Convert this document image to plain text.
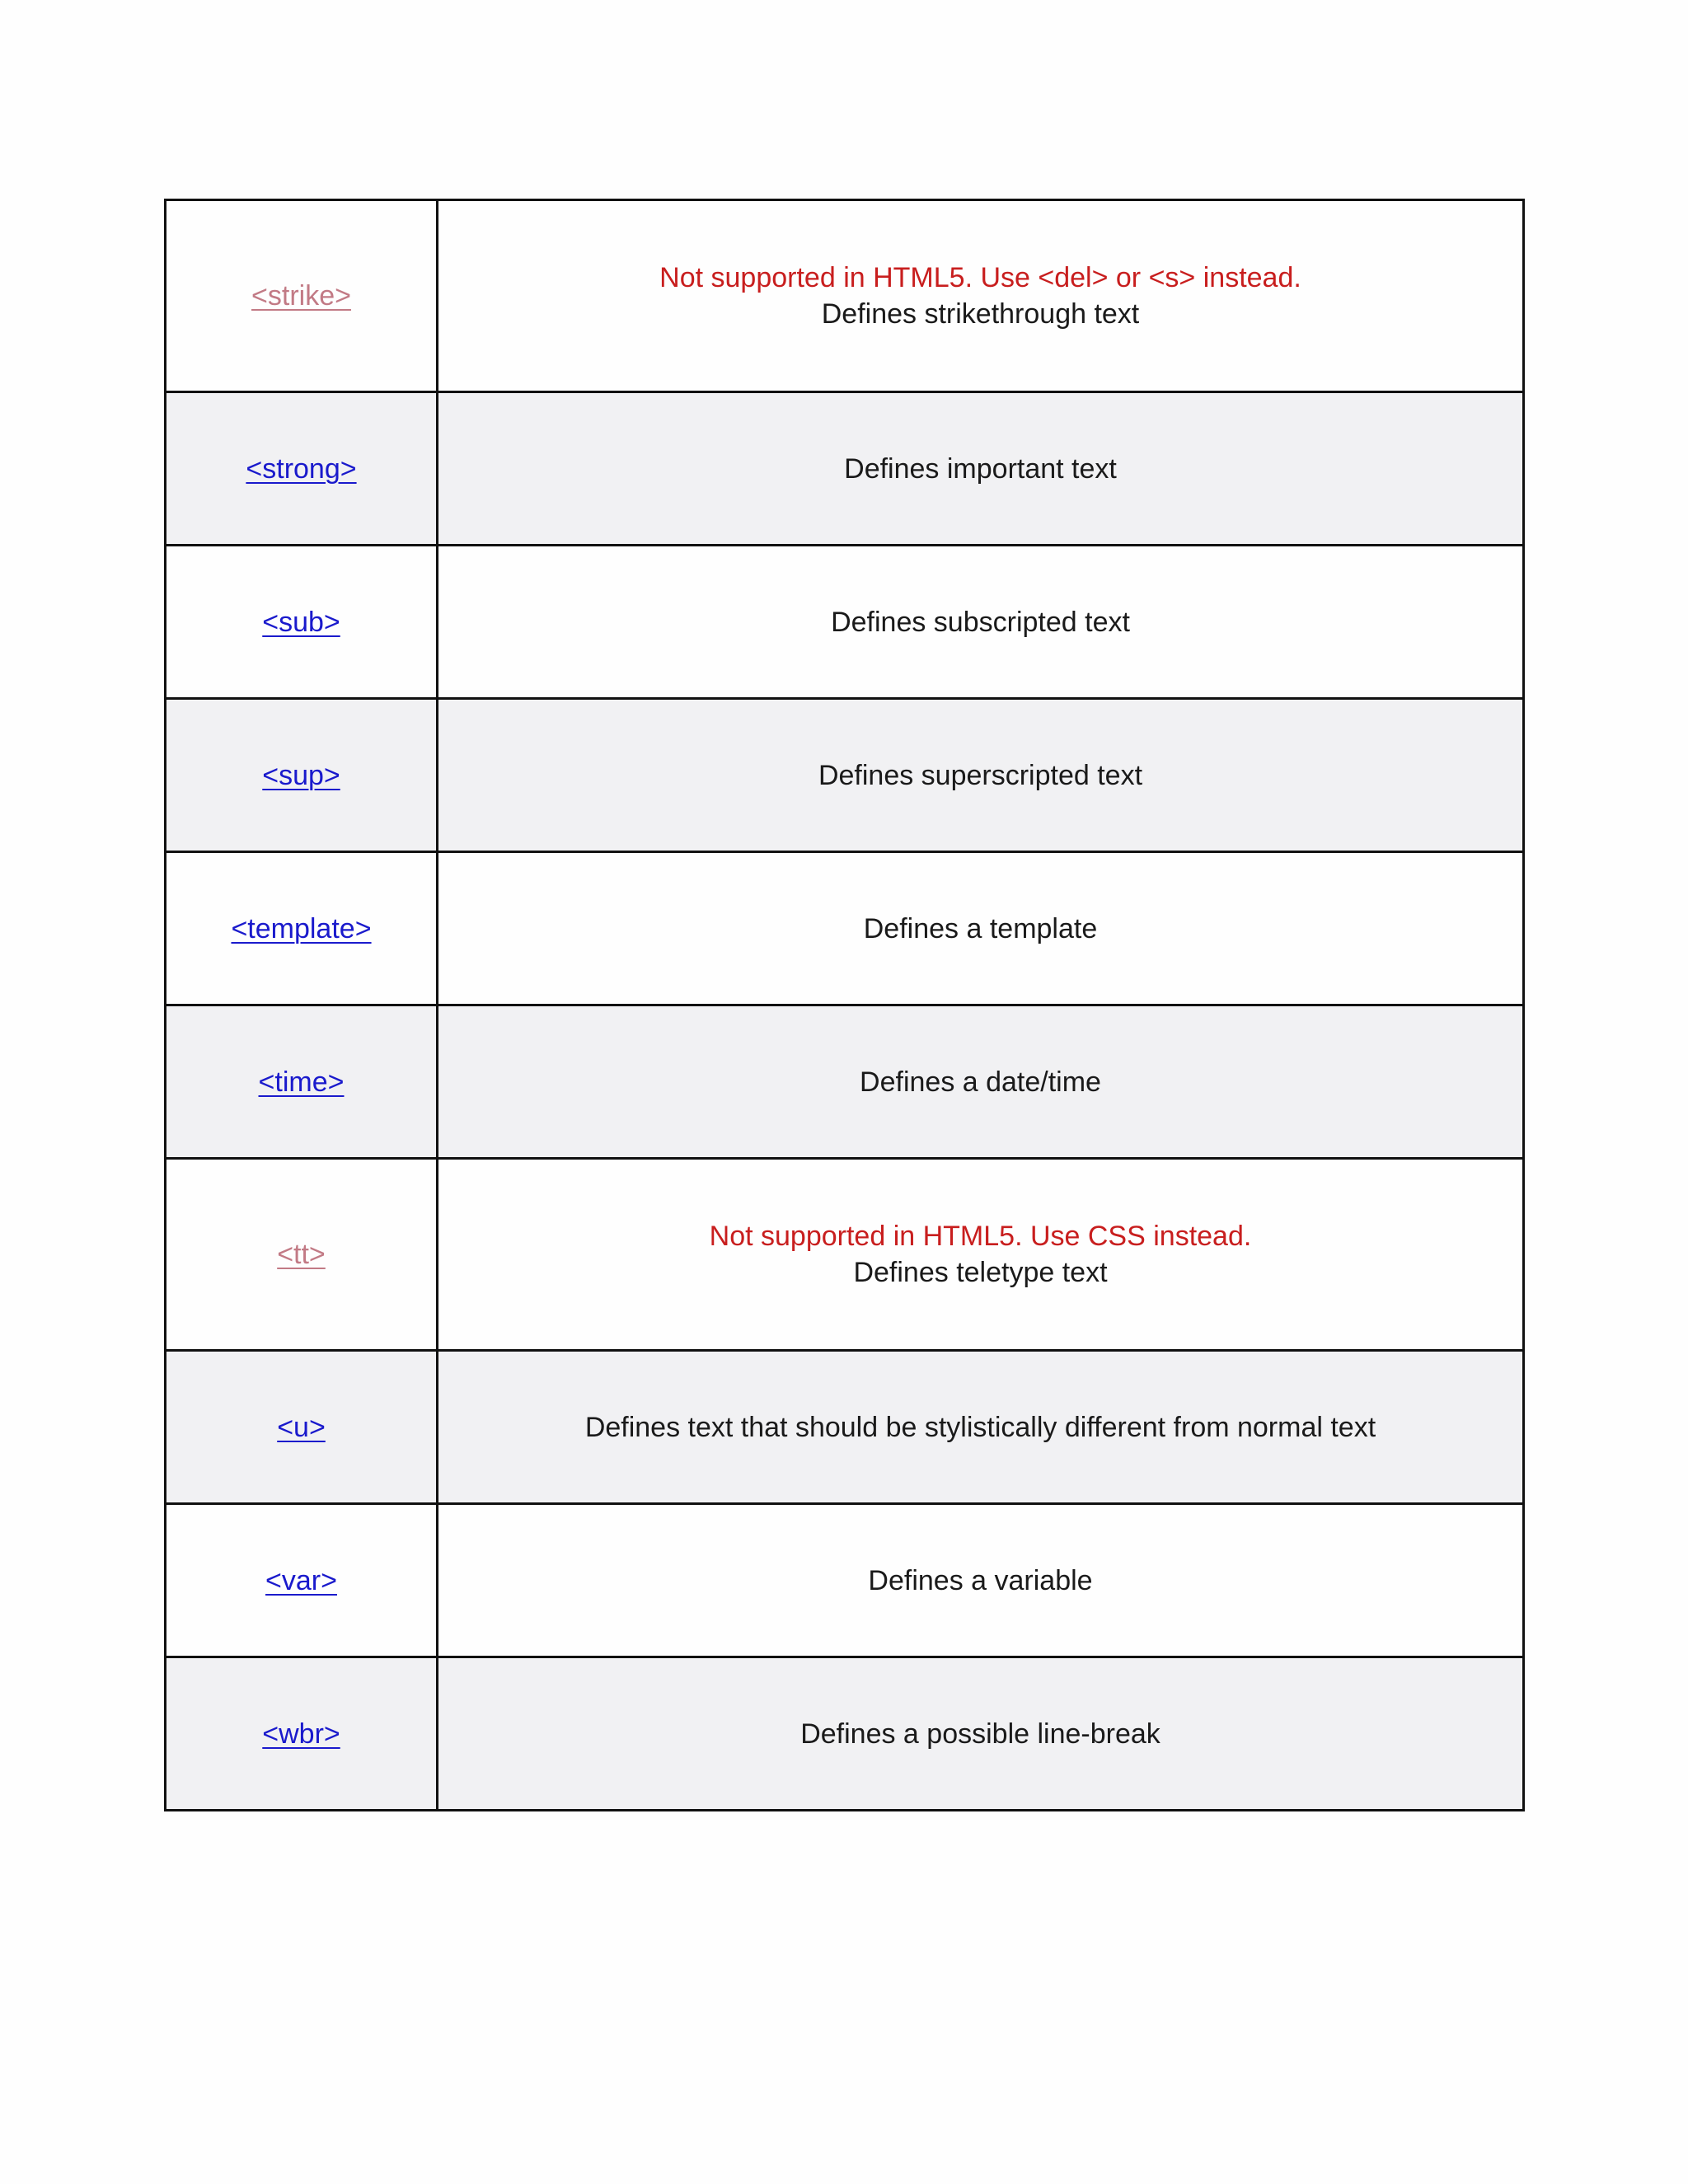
<strike>	Not supported in HTML5. Use <del> or <s> instead.
Defines strikethrough text

<strong>	Defines important text

<sub>	Defines subscripted text

<sup>	Defines superscripted text

<template>	Defines a template

<time>	Defines a date/time

<tt>	Not supported in HTML5. Use CSS instead.
Defines teletype text

<u>	Defines text that should be stylistically different from normal text

<var>	Defines a variable

<wbr>	Defines a possible line-break
